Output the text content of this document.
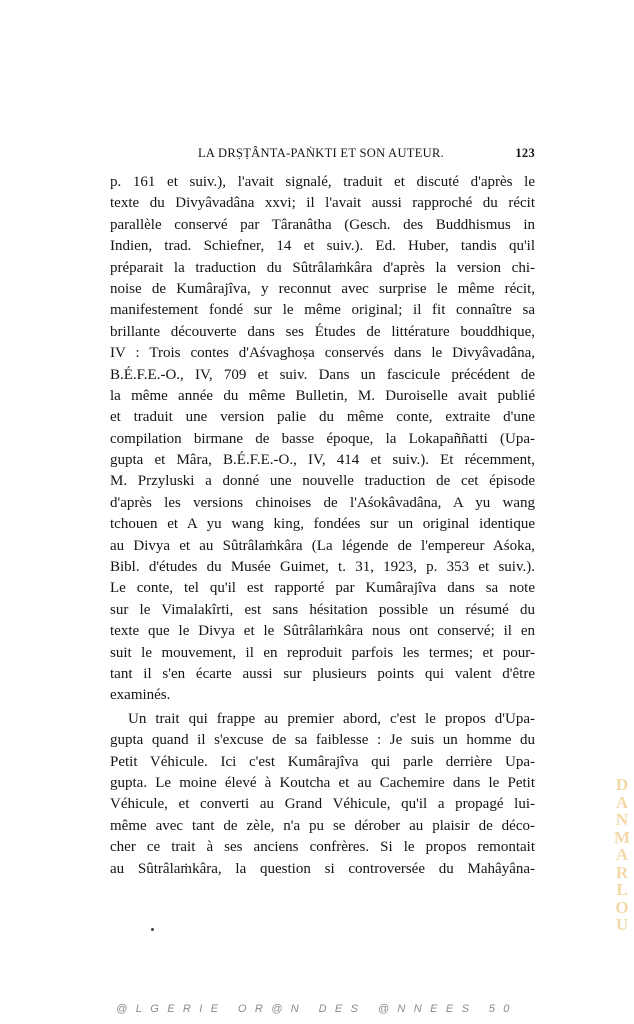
LA DRṢṬÂNTA-PAṄKTI ET SON AUTEUR.	123
p. 161 et suiv.), l'avait signalé, traduit et discuté d'après le
texte du Divyâvadâna xxvi; il l'avait aussi rapproché du récit
parallèle conservé par Târanâtha (Gesch. des Buddhismus in
Indien, trad. Schiefner, 14 et suiv.). Ed. Huber, tandis qu'il
préparait la traduction du Sûtrâlaṁkâra d'après la version chi-
noise de Kumârajîva, y reconnut avec surprise le même récit,
manifestement fondé sur le même original; il fit connaître sa
brillante découverte dans ses Études de littérature bouddhique,
IV : Trois contes d'Aśvaghoṣa conservés dans le Divyâvadâna,
B.É.F.E.-O., IV, 709 et suiv. Dans un fascicule précédent de
la même année du même Bulletin, M. Duroiselle avait publié
et traduit une version palie du même conte, extraite d'une
compilation birmane de basse époque, la Lokapaññatti (Upa-
gupta et Mâra, B.É.F.E.-O., IV, 414 et suiv.). Et récemment,
M. Przyluski a donné une nouvelle traduction de cet épisode
d'après les versions chinoises de l'Aśokâvadâna, A yu wang
tchouen et A yu wang king, fondées sur un original identique
au Divya et au Sûtrâlaṁkâra (La légende de l'empereur Aśoka,
Bibl. d'études du Musée Guimet, t. 31, 1923, p. 353 et suiv.).
Le conte, tel qu'il est rapporté par Kumârajîva dans sa note
sur le Vimalakîrti, est sans hésitation possible un résumé du
texte que le Divya et le Sûtrâlaṁkâra nous ont conservé; il en
suit le mouvement, il en reproduit parfois les termes; et pour-
tant il s'en écarte aussi sur plusieurs points qui valent d'être
examinés.
Un trait qui frappe au premier abord, c'est le propos d'Upa-
gupta quand il s'excuse de sa faiblesse : Je suis un homme du
Petit Véhicule. Ici c'est Kumârajîva qui parle derrière Upa-
gupta. Le moine élevé à Koutcha et au Cachemire dans le Petit
Véhicule, et converti au Grand Véhicule, qu'il a propagé lui-
même avec tant de zèle, n'a pu se dérober au plaisir de déco-
cher ce trait à ses anciens confrères. Si le propos remontait
au Sûtrâlaṁkâra, la question si controversée du Mahâyâna-
DANMARLOU
@LGERIE OR@N DES @NNEES 50
